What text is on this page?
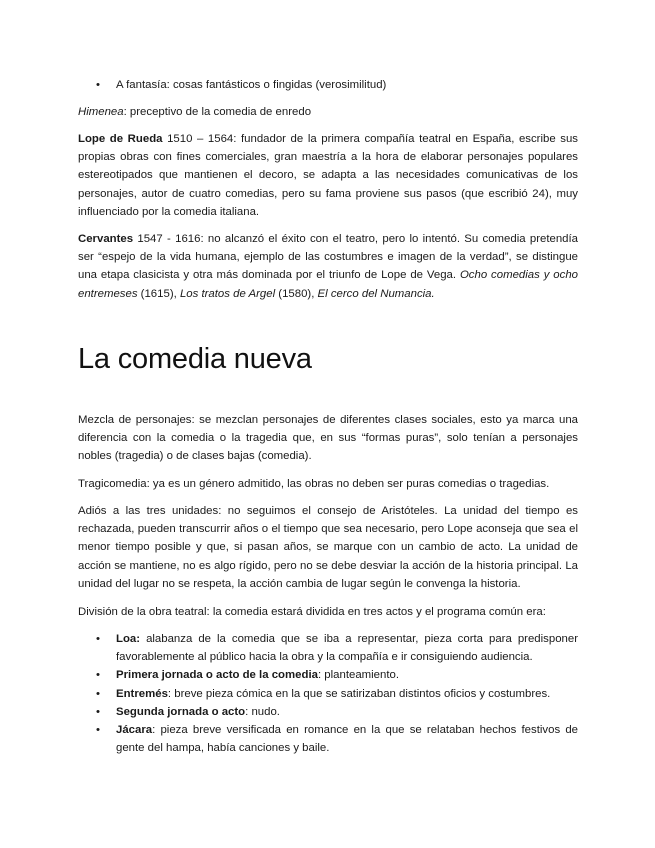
• A fantasía: cosas fantásticos o fingidas (verosimilitud)

Himenea: preceptivo de la comedia de enredo

Lope de Rueda 1510 – 1564: fundador de la primera compañía teatral en España, escribe sus propias obras con fines comerciales, gran maestría a la hora de elaborar personajes populares estereotipados que mantienen el decoro, se adapta a las necesidades comunicativas de los personajes, autor de cuatro comedias, pero su fama proviene sus pasos (que escribió 24), muy influenciado por la comedia italiana.

Cervantes 1547 - 1616: no alcanzó el éxito con el teatro, pero lo intentó. Su comedia pretendía ser “espejo de la vida humana, ejemplo de las costumbres e imagen de la verdad”, se distingue una etapa clasicista y otra más dominada por el triunfo de Lope de Vega. Ocho comedias y ocho entremeses (1615), Los tratos de Argel (1580), El cerco del Numancia.

La comedia nueva

Mezcla de personajes: se mezclan personajes de diferentes clases sociales, esto ya marca una diferencia con la comedia o la tragedia que, en sus “formas puras”, solo tenían a personajes nobles (tragedia) o de clases bajas (comedia).

Tragicomedia: ya es un género admitido, las obras no deben ser puras comedias o tragedias.

Adiós a las tres unidades: no seguimos el consejo de Aristóteles. La unidad del tiempo es rechazada, pueden transcurrir años o el tiempo que sea necesario, pero Lope aconseja que sea el menor tiempo posible y que, si pasan años, se marque con un cambio de acto. La unidad de acción se mantiene, no es algo rígido, pero no se debe desviar la acción de la historia principal. La unidad del lugar no se respeta, la acción cambia de lugar según le convenga la historia.

División de la obra teatral: la comedia estará dividida en tres actos y el programa común era:

• Loa: alabanza de la comedia que se iba a representar, pieza corta para predisponer favorablemente al público hacia la obra y la compañía e ir consiguiendo audiencia.
• Primera jornada o acto de la comedia: planteamiento.
• Entremés: breve pieza cómica en la que se satirizaban distintos oficios y costumbres.
• Segunda jornada o acto: nudo.
• Jácara: pieza breve versificada en romance en la que se relataban hechos festivos de gente del hampa, había canciones y baile.
